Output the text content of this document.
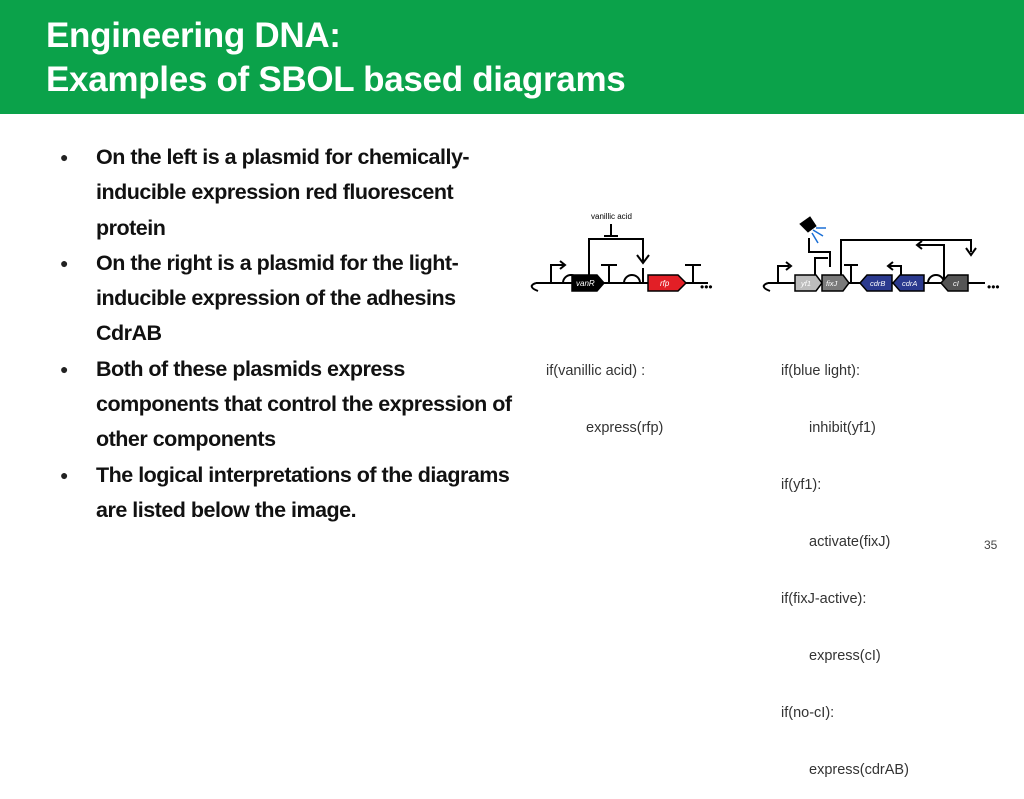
Engineering DNA:
Examples of SBOL based diagrams
● On the left is a plasmid for chemically-inducible expression red fluorescent protein
● On the right is a plasmid for the light-inducible expression of the adhesins CdrAB
● Both of these plasmids express components that control the expression of other components
● The logical interpretations of the diagrams are listed below the image.
•••
vanillic acid
vanR	rfp	•••
yf1 fixJ	cdrB cdrA	cI

if(vanillic acid) :

express(rfp)

if(blue light):

inhibit(yf1)

if(yf1):

activate(fixJ)

if(fixJ-active):

express(cI)

if(no-cI):

express(cdrAB)

35
